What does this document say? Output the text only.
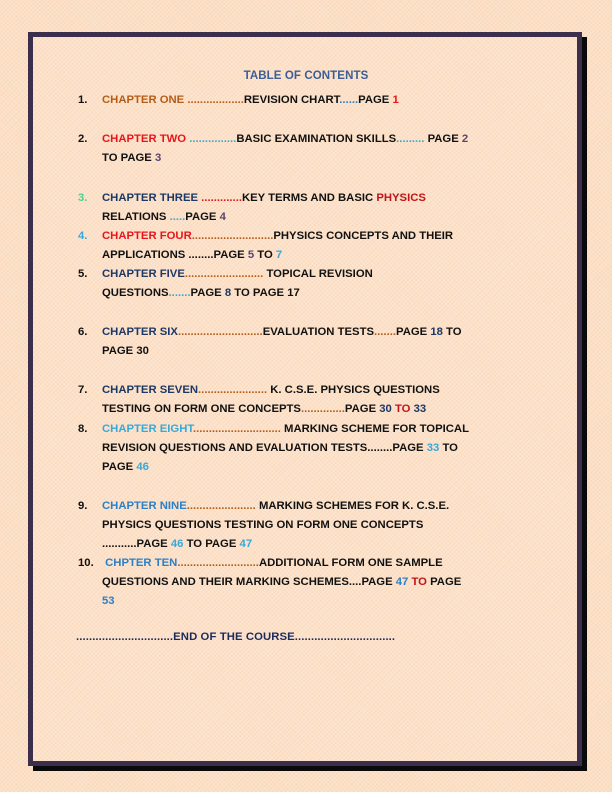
TABLE OF CONTENTS
1. CHAPTER ONE ..................REVISION CHART......PAGE 1
2. CHAPTER TWO ...............BASIC EXAMINATION SKILLS......... PAGE 2
TO PAGE 3
3. CHAPTER THREE .............KEY TERMS AND BASIC PHYSICS
RELATIONS .....PAGE 4
4. CHAPTER FOUR..........................PHYSICS CONCEPTS AND THEIR
APPLICATIONS ........PAGE 5 TO 7
5. CHAPTER FIVE......................... TOPICAL REVISION
QUESTIONS.......PAGE 8 TO PAGE 17
6. CHAPTER SIX...........................EVALUATION TESTS.......PAGE 18 TO
PAGE 30
7. CHAPTER SEVEN...................... K. C.S.E. PHYSICS QUESTIONS
TESTING ON FORM ONE CONCEPTS..............PAGE 30 TO 33
8. CHAPTER EIGHT............................ MARKING SCHEME FOR TOPICAL
REVISION QUESTIONS AND EVALUATION TESTS........PAGE 33 TO
PAGE 46
9. CHAPTER NINE...................... MARKING SCHEMES FOR K. C.S.E.
PHYSICS QUESTIONS TESTING ON FORM ONE CONCEPTS
...........PAGE 46 TO PAGE 47
10. CHPTER TEN..........................ADDITIONAL FORM ONE SAMPLE
QUESTIONS AND THEIR MARKING SCHEMES....PAGE 47 TO PAGE
53
..............................END OF THE COURSE...............................
